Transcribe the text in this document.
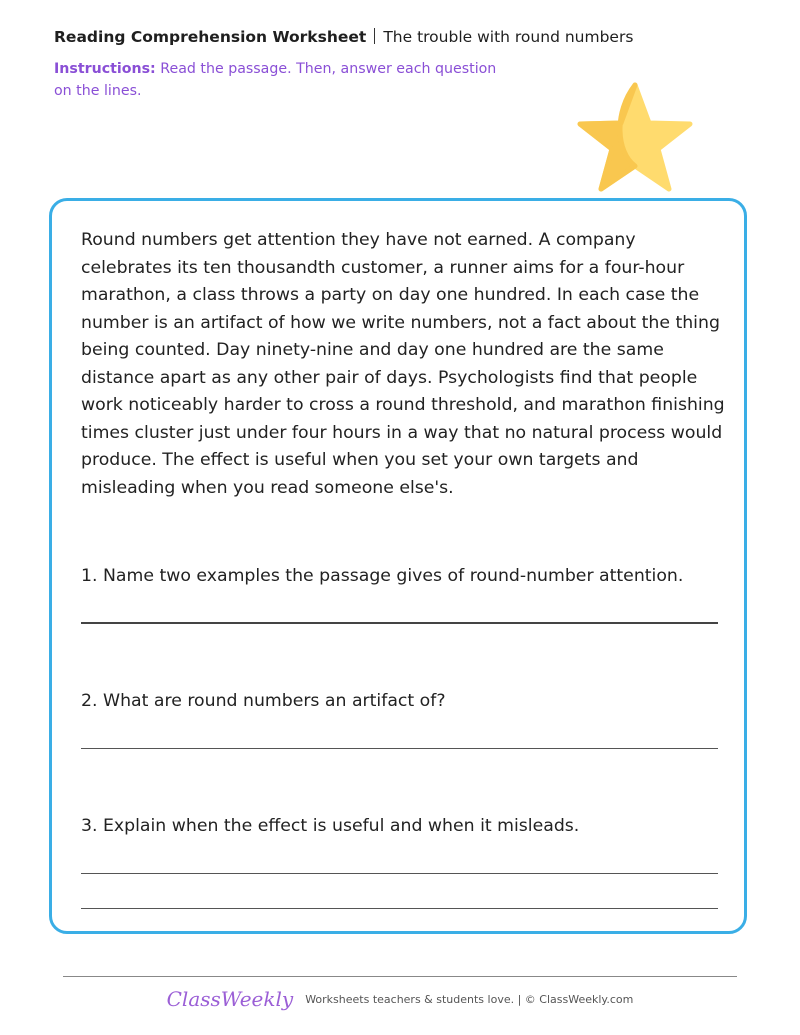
Reading Comprehension Worksheet The trouble with round numbers
Instructions: Read the passage. Then, answer each question on the lines.
Round numbers get attention they have not earned. A company celebrates its ten thousandth customer, a runner aims for a four-hour marathon, a class throws a party on day one hundred. In each case the number is an artifact of how we write numbers, not a fact about the thing being counted. Day ninety-nine and day one hundred are the same distance apart as any other pair of days. Psychologists find that people work noticeably harder to cross a round threshold, and marathon finishing times cluster just under four hours in a way that no natural process would produce. The effect is useful when you set your own targets and misleading when you read someone else's.
1. Name two examples the passage gives of round-number attention.
2. What are round numbers an artifact of?
3. Explain when the effect is useful and when it misleads.
ClassWeekly Worksheets teachers & students love. | © ClassWeekly.com
